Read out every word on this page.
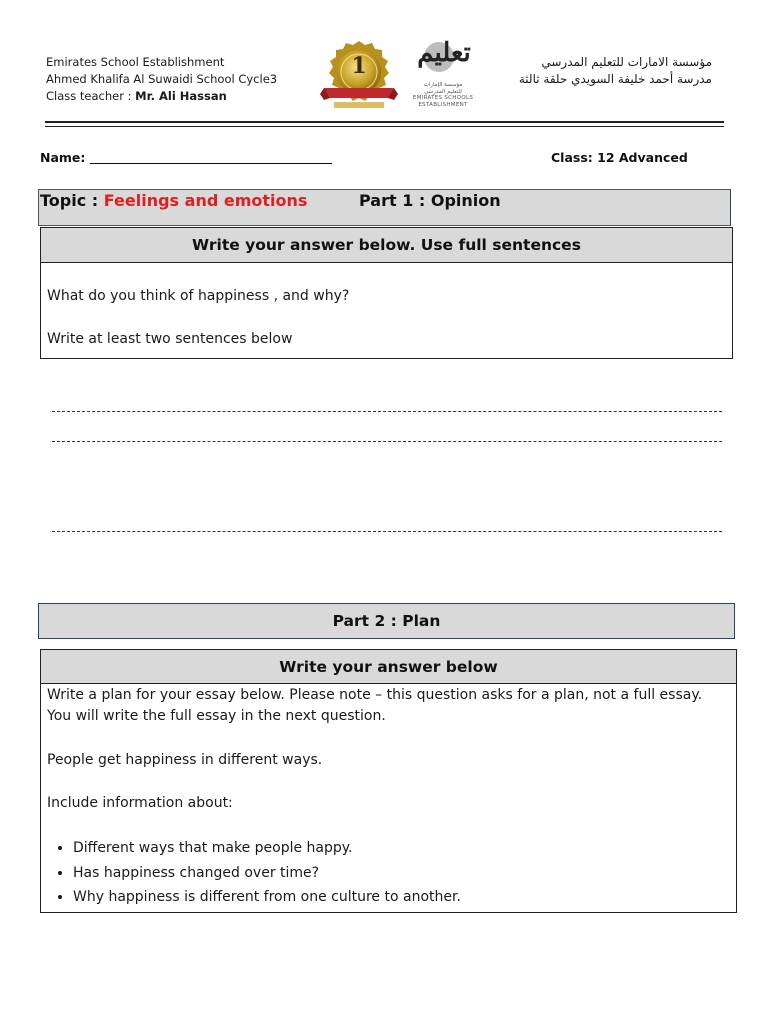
Emirates School Establishment
Ahmed Khalifa Al Suwaidi School Cycle3
Class teacher : Mr. Ali Hassan
1 تعليم
مؤسسة الإمارات
للتعليم المدرسي
EMIRATES SCHOOLS
ESTABLISHMENT
مؤسسة الامارات للتعليم المدرسي
مدرسة أحمد خليفة السويدي حلقة ثالثة
Name:	Class: 12 Advanced
Topic : Feelings and emotions	Part 1 : Opinion
Write your answer below. Use full sentences
What do you think of happiness , and why?
Write at least two sentences below
Part 2 : Plan
Write your answer below
Write a plan for your essay below. Please note – this question asks for a plan, not a full essay. You will write the full essay in the next question.
People get happiness in different ways.
Include information about:
• Different ways that make people happy.
• Has happiness changed over time?
• Why happiness is different from one culture to another.
